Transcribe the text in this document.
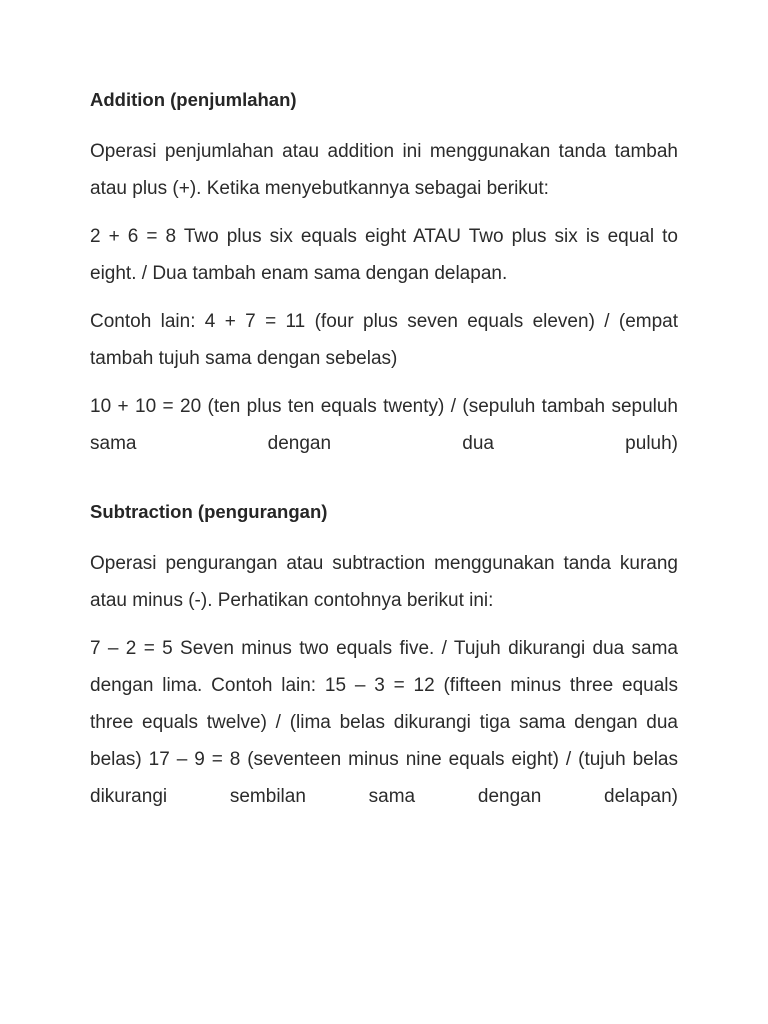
Addition (penjumlahan)

Operasi penjumlahan atau addition ini menggunakan tanda tambah atau plus (+). Ketika menyebutkannya sebagai berikut:

2 + 6 = 8 Two plus six equals eight ATAU Two plus six is equal to eight. / Dua tambah enam sama dengan delapan.

Contoh lain: 4 + 7 = 11 (four plus seven equals eleven) / (empat tambah tujuh sama dengan sebelas)

10 + 10 = 20 (ten plus ten equals twenty) / (sepuluh tambah sepuluh sama dengan dua puluh)

Subtraction (pengurangan)

Operasi pengurangan atau subtraction menggunakan tanda kurang atau minus (-). Perhatikan contohnya berikut ini:

7 – 2 = 5 Seven minus two equals five. / Tujuh dikurangi dua sama dengan lima. Contoh lain: 15 – 3 = 12 (fifteen minus three equals three equals twelve) / (lima belas dikurangi tiga sama dengan dua belas) 17 – 9 = 8 (seventeen minus nine equals eight) / (tujuh belas dikurangi sembilan sama dengan delapan)
